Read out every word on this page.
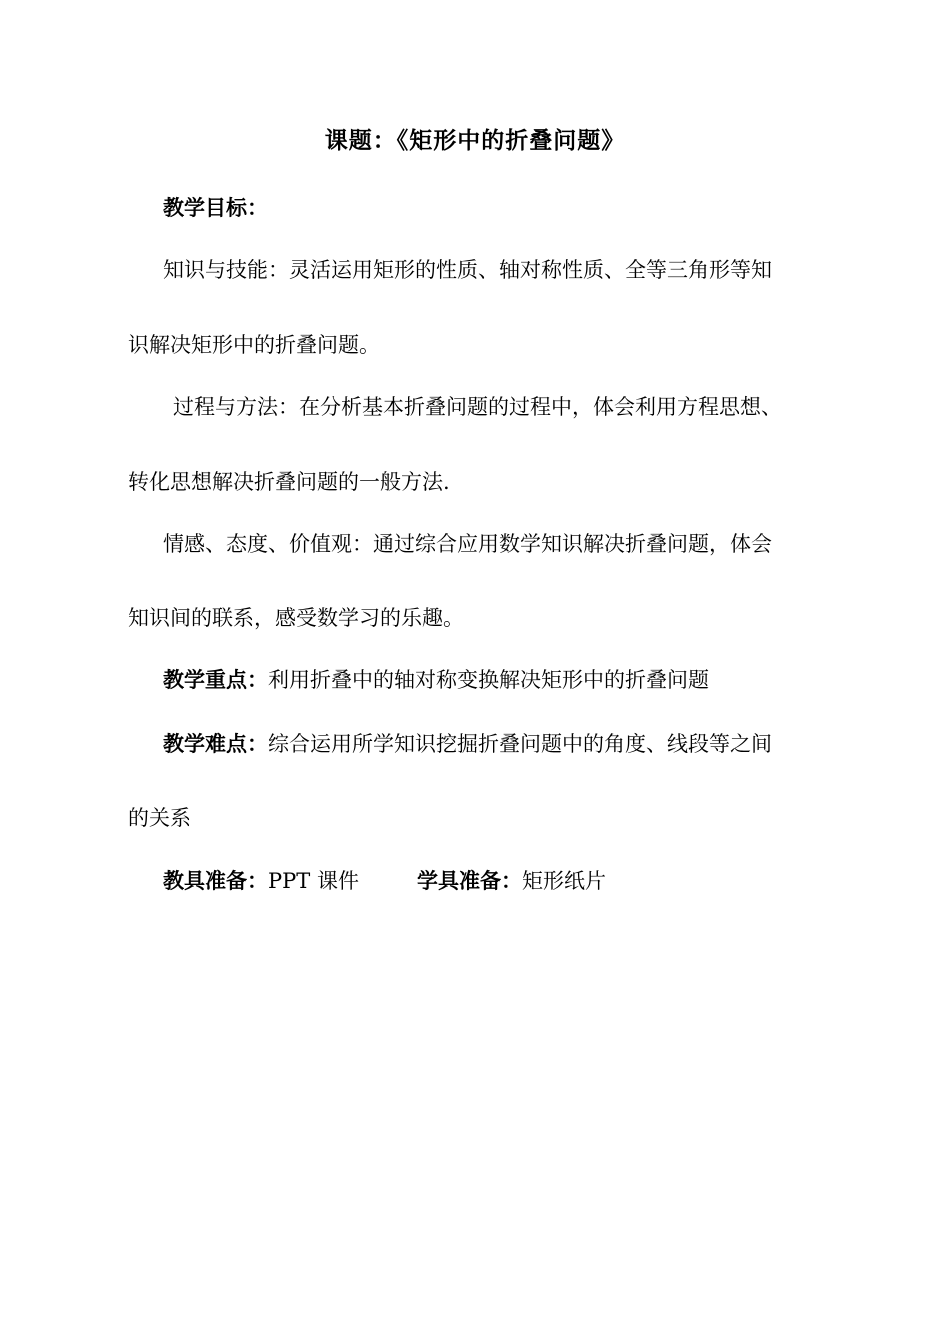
课题：《矩形中的折叠问题》

教学目标：

知识与技能：灵活运用矩形的性质、轴对称性质、全等三角形等知

识解决矩形中的折叠问题。

过程与方法：在分析基本折叠问题的过程中，体会利用方程思想、

转化思想解决折叠问题的一般方法.

情感、态度、价值观：通过综合应用数学知识解决折叠问题，体会

知识间的联系，感受数学习的乐趣。

教学重点：利用折叠中的轴对称变换解决矩形中的折叠问题

教学难点：综合运用所学知识挖掘折叠问题中的角度、线段等之间

的关系

教具准备：PPT 课件	学具准备：矩形纸片
